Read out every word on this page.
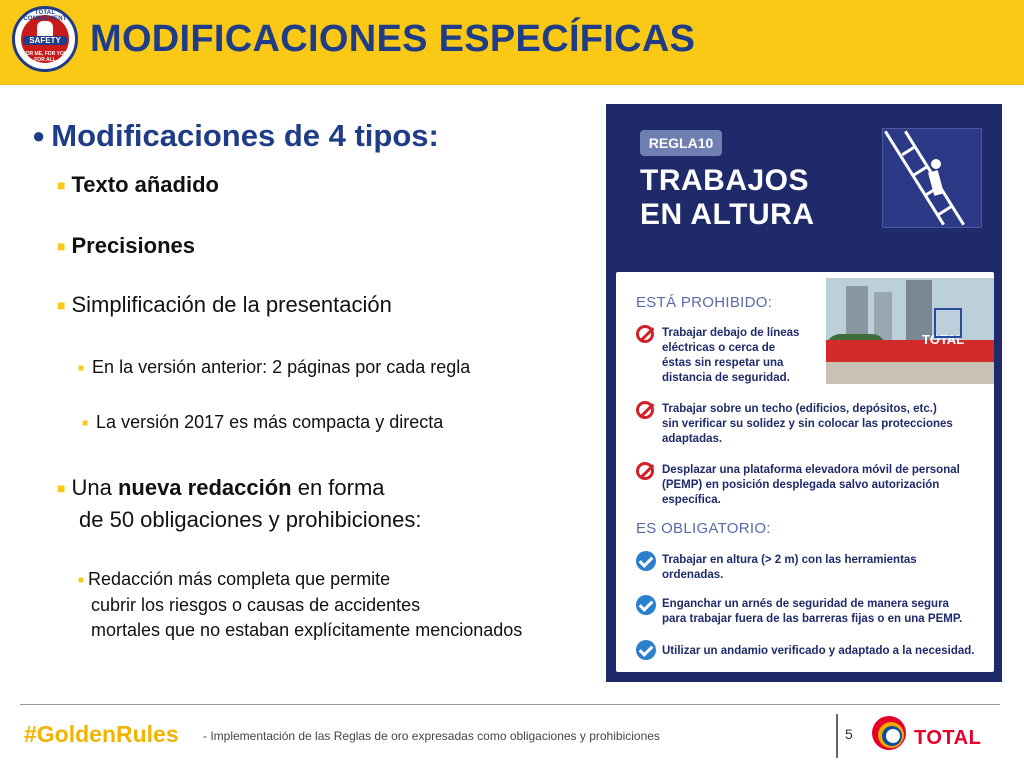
TOTAL COMMITMENT
SAFETY
FOR ME, FOR YOU FOR ALL MODIFICACIONES ESPECÍFICAS
● Modificaciones de 4 tipos:
■ Texto añadido
■ Precisiones
■ Simplificación de la presentación
■ En la versión anterior: 2 páginas por cada regla
■ La versión 2017 es más compacta y directa
■ Una nueva redacción en forma
de 50 obligaciones y prohibiciones:
■ Redacción más completa que permite
cubrir los riesgos o causas de accidentes
mortales que no estaban explícitamente mencionados
REGLA10
TRABAJOS
EN ALTURA
TOTAL
ESTÁ PROHIBIDO:
Trabajar debajo de líneas
eléctricas o cerca de
éstas sin respetar una
distancia de seguridad.
Trabajar sobre un techo (edificios, depósitos, etc.)
sin verificar su solidez y sin colocar las protecciones
adaptadas.
Desplazar una plataforma elevadora móvil de personal
(PEMP) en posición desplegada salvo autorización
específica.
ES OBLIGATORIO:
Trabajar en altura (> 2 m) con las herramientas
ordenadas.
Enganchar un arnés de seguridad de manera segura
para trabajar fuera de las barreras fijas o en una PEMP.
Utilizar un andamio verificado y adaptado a la necesidad.
#GoldenRules - Implementación de las Reglas de oro expresadas como obligaciones y prohibiciones	5	TOTAL
